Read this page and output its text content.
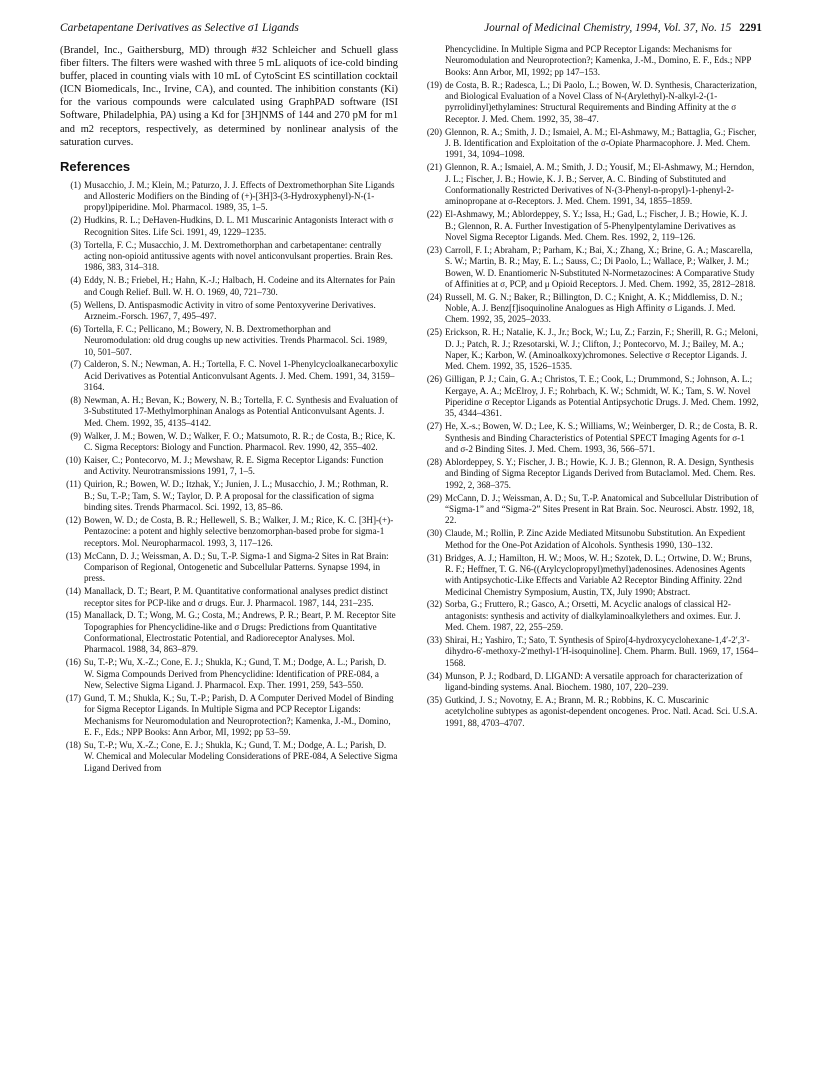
Carbetapentane Derivatives as Selective σ1 Ligands	Journal of Medicinal Chemistry, 1994, Vol. 37, No. 15 2291

(Brandel, Inc., Gaithersburg, MD) through #32 Schleicher and Schuell glass fiber filters. The filters were washed with three 5 mL aliquots of ice-cold binding buffer, placed in counting vials with 10 mL of CytoScint ES scintillation cocktail (ICN Biomedicals, Inc., Irvine, CA), and counted. The inhibition constants (Ki) for the various compounds were calculated using GraphPAD software (ISI Software, Philadelphia, PA) using a Kd for [3H]NMS of 144 and 270 pM for m1 and m2 receptors, respectively, as determined by nonlinear analysis of the saturation curves.

References
(1) Musacchio, J. M.; Klein, M.; Paturzo, J. J. Effects of Dextromethorphan Site Ligands and Allosteric Modifiers on the Binding of (+)-[3H]3-(3-Hydroxyphenyl)-N-(1-propyl)piperidine. Mol. Pharmacol. 1989, 35, 1–5.
(2) Hudkins, R. L.; DeHaven-Hudkins, D. L. M1 Muscarinic Antagonists Interact with σ Recognition Sites. Life Sci. 1991, 49, 1229–1235.
(3) Tortella, F. C.; Musacchio, J. M. Dextromethorphan and carbetapentane: centrally acting non-opioid antitussive agents with novel anticonvulsant properties. Brain Res. 1986, 383, 314–318.
(4) Eddy, N. B.; Friebel, H.; Hahn, K.-J.; Halbach, H. Codeine and its Alternates for Pain and Cough Relief. Bull. W. H. O. 1969, 40, 721–730.
(5) Wellens, D. Antispasmodic Activity in vitro of some Pentoxyverine Derivatives. Arzneim.-Forsch. 1967, 7, 495–497.
(6) Tortella, F. C.; Pellicano, M.; Bowery, N. B. Dextromethorphan and Neuromodulation: old drug coughs up new activities. Trends Pharmacol. Sci. 1989, 10, 501–507.
(7) Calderon, S. N.; Newman, A. H.; Tortella, F. C. Novel 1-Phenylcycloalkanecarboxylic Acid Derivatives as Potential Anticonvulsant Agents. J. Med. Chem. 1991, 34, 3159–3164.
(8) Newman, A. H.; Bevan, K.; Bowery, N. B.; Tortella, F. C. Synthesis and Evaluation of 3-Substituted 17-Methylmorphinan Analogs as Potential Anticonvulsant Agents. J. Med. Chem. 1992, 35, 4135–4142.
(9) Walker, J. M.; Bowen, W. D.; Walker, F. O.; Matsumoto, R. R.; de Costa, B.; Rice, K. C. Sigma Receptors: Biology and Function. Pharmacol. Rev. 1990, 42, 355–402.
(10) Kaiser, C.; Pontecorvo, M. J.; Mewshaw, R. E. Sigma Receptor Ligands: Function and Activity. Neurotransmissions 1991, 7, 1–5.
(11) Quirion, R.; Bowen, W. D.; Itzhak, Y.; Junien, J. L.; Musacchio, J. M.; Rothman, R. B.; Su, T.-P.; Tam, S. W.; Taylor, D. P. A proposal for the classification of sigma binding sites. Trends Pharmacol. Sci. 1992, 13, 85–86.
(12) Bowen, W. D.; de Costa, B. R.; Hellewell, S. B.; Walker, J. M.; Rice, K. C. [3H]-(+)-Pentazocine: a potent and highly selective benzomorphan-based probe for sigma-1 receptors. Mol. Neuropharmacol. 1993, 3, 117–126.
(13) McCann, D. J.; Weissman, A. D.; Su, T.-P. Sigma-1 and Sigma-2 Sites in Rat Brain: Comparison of Regional, Ontogenetic and Subcellular Patterns. Synapse 1994, in press.
(14) Manallack, D. T.; Beart, P. M. Quantitative conformational analyses predict distinct receptor sites for PCP-like and σ drugs. Eur. J. Pharmacol. 1987, 144, 231–235.
(15) Manallack, D. T.; Wong, M. G.; Costa, M.; Andrews, P. R.; Beart, P. M. Receptor Site Topographies for Phencyclidine-like and σ Drugs: Predictions from Quantitative Conformational, Electrostatic Potential, and Radioreceptor Analyses. Mol. Pharmacol. 1988, 34, 863–879.
(16) Su, T.-P.; Wu, X.-Z.; Cone, E. J.; Shukla, K.; Gund, T. M.; Dodge, A. L.; Parish, D. W. Sigma Compounds Derived from Phencyclidine: Identification of PRE-084, a New, Selective Sigma Ligand. J. Pharmacol. Exp. Ther. 1991, 259, 543–550.
(17) Gund, T. M.; Shukla, K.; Su, T.-P.; Parish, D. A Computer Derived Model of Binding for Sigma Receptor Ligands. In Multiple Sigma and PCP Receptor Ligands: Mechanisms for Neuromodulation and Neuroprotection?; Kamenka, J.-M., Domino, E. F., Eds.; NPP Books: Ann Arbor, MI, 1992; pp 53–59.
(18) Su, T.-P.; Wu, X.-Z.; Cone, E. J.; Shukla, K.; Gund, T. M.; Dodge, A. L.; Parish, D. W. Chemical and Molecular Modeling Considerations of PRE-084, A Selective Sigma Ligand Derived from
Phencyclidine. In Multiple Sigma and PCP Receptor Ligands: Mechanisms for Neuromodulation and Neuroprotection?; Kamenka, J.-M., Domino, E. F., Eds.; NPP Books: Ann Arbor, MI, 1992; pp 147–153.
(19) de Costa, B. R.; Radesca, L.; Di Paolo, L.; Bowen, W. D. Synthesis, Characterization, and Biological Evaluation of a Novel Class of N-(Arylethyl)-N-alkyl-2-(1-pyrrolidinyl)ethylamines: Structural Requirements and Binding Affinity at the σ Receptor. J. Med. Chem. 1992, 35, 38–47.
(20) Glennon, R. A.; Smith, J. D.; Ismaiel, A. M.; El-Ashmawy, M.; Battaglia, G.; Fischer, J. B. Identification and Exploitation of the σ-Opiate Pharmacophore. J. Med. Chem. 1991, 34, 1094–1098.
(21) Glennon, R. A.; Ismaiel, A. M.; Smith, J. D.; Yousif, M.; El-Ashmawy, M.; Herndon, J. L.; Fischer, J. B.; Howie, K. J. B.; Server, A. C. Binding of Substituted and Conformationally Restricted Derivatives of N-(3-Phenyl-n-propyl)-1-phenyl-2-aminopropane at σ-Receptors. J. Med. Chem. 1991, 34, 1855–1859.
(22) El-Ashmawy, M.; Ablordeppey, S. Y.; Issa, H.; Gad, L.; Fischer, J. B.; Howie, K. J. B.; Glennon, R. A. Further Investigation of 5-Phenylpentylamine Derivatives as Novel Sigma Receptor Ligands. Med. Chem. Res. 1992, 2, 119–126.
(23) Carroll, F. I.; Abraham, P.; Parham, K.; Bai, X.; Zhang, X.; Brine, G. A.; Mascarella, S. W.; Martin, B. R.; May, E. L.; Sauss, C.; Di Paolo, L.; Wallace, P.; Walker, J. M.; Bowen, W. D. Enantiomeric N-Substituted N-Normetazocines: A Comparative Study of Affinities at σ, PCP, and μ Opioid Receptors. J. Med. Chem. 1992, 35, 2812–2818.
(24) Russell, M. G. N.; Baker, R.; Billington, D. C.; Knight, A. K.; Middlemiss, D. N.; Noble, A. J. Benz[f]isoquinoline Analogues as High Affinity σ Ligands. J. Med. Chem. 1992, 35, 2025–2033.
(25) Erickson, R. H.; Natalie, K. J., Jr.; Bock, W.; Lu, Z.; Farzin, F.; Sherill, R. G.; Meloni, D. J.; Patch, R. J.; Rzesotarski, W. J.; Clifton, J.; Pontecorvo, M. J.; Bailey, M. A.; Naper, K.; Karbon, W. (Aminoalkoxy)chromones. Selective σ Receptor Ligands. J. Med. Chem. 1992, 35, 1526–1535.
(26) Gilligan, P. J.; Cain, G. A.; Christos, T. E.; Cook, L.; Drummond, S.; Johnson, A. L.; Kergaye, A. A.; McElroy, J. F.; Rohrbach, K. W.; Schmidt, W. K.; Tam, S. W. Novel Piperidine σ Receptor Ligands as Potential Antipsychotic Drugs. J. Med. Chem. 1992, 35, 4344–4361.
(27) He, X.-s.; Bowen, W. D.; Lee, K. S.; Williams, W.; Weinberger, D. R.; de Costa, B. R. Synthesis and Binding Characteristics of Potential SPECT Imaging Agents for σ-1 and σ-2 Binding Sites. J. Med. Chem. 1993, 36, 566–571.
(28) Ablordeppey, S. Y.; Fischer, J. B.; Howie, K. J. B.; Glennon, R. A. Design, Synthesis and Binding of Sigma Receptor Ligands Derived from Butaclamol. Med. Chem. Res. 1992, 2, 368–375.
(29) McCann, D. J.; Weissman, A. D.; Su, T.-P. Anatomical and Subcellular Distribution of “Sigma-1” and “Sigma-2” Sites Present in Rat Brain. Soc. Neurosci. Abstr. 1992, 18, 22.
(30) Claude, M.; Rollin, P. Zinc Azide Mediated Mitsunobu Substitution. An Expedient Method for the One-Pot Azidation of Alcohols. Synthesis 1990, 130–132.
(31) Bridges, A. J.; Hamilton, H. W.; Moos, W. H.; Szotek, D. L.; Ortwine, D. W.; Bruns, R. F.; Heffner, T. G. N6-((Arylcyclopropyl)methyl)adenosines. Adenosines Agents with Antipsychotic-Like Effects and Variable A2 Receptor Binding Affinity. 22nd Medicinal Chemistry Symposium, Austin, TX, July 1990; Abstract.
(32) Sorba, G.; Fruttero, R.; Gasco, A.; Orsetti, M. Acyclic analogs of classical H2-antagonists: synthesis and activity of dialkylaminoalkylethers and oximes. Eur. J. Med. Chem. 1987, 22, 255–259.
(33) Shirai, H.; Yashiro, T.; Sato, T. Synthesis of Spiro[4-hydroxycyclohexane-1,4′-2′,3′-dihydro-6′-methoxy-2′methyl-1′H-isoquinoline]. Chem. Pharm. Bull. 1969, 17, 1564–1568.
(34) Munson, P. J.; Rodbard, D. LIGAND: A versatile approach for characterization of ligand-binding systems. Anal. Biochem. 1980, 107, 220–239.
(35) Gutkind, J. S.; Novotny, E. A.; Brann, M. R.; Robbins, K. C. Muscarinic acetylcholine subtypes as agonist-dependent oncogenes. Proc. Natl. Acad. Sci. U.S.A. 1991, 88, 4703–4707.
